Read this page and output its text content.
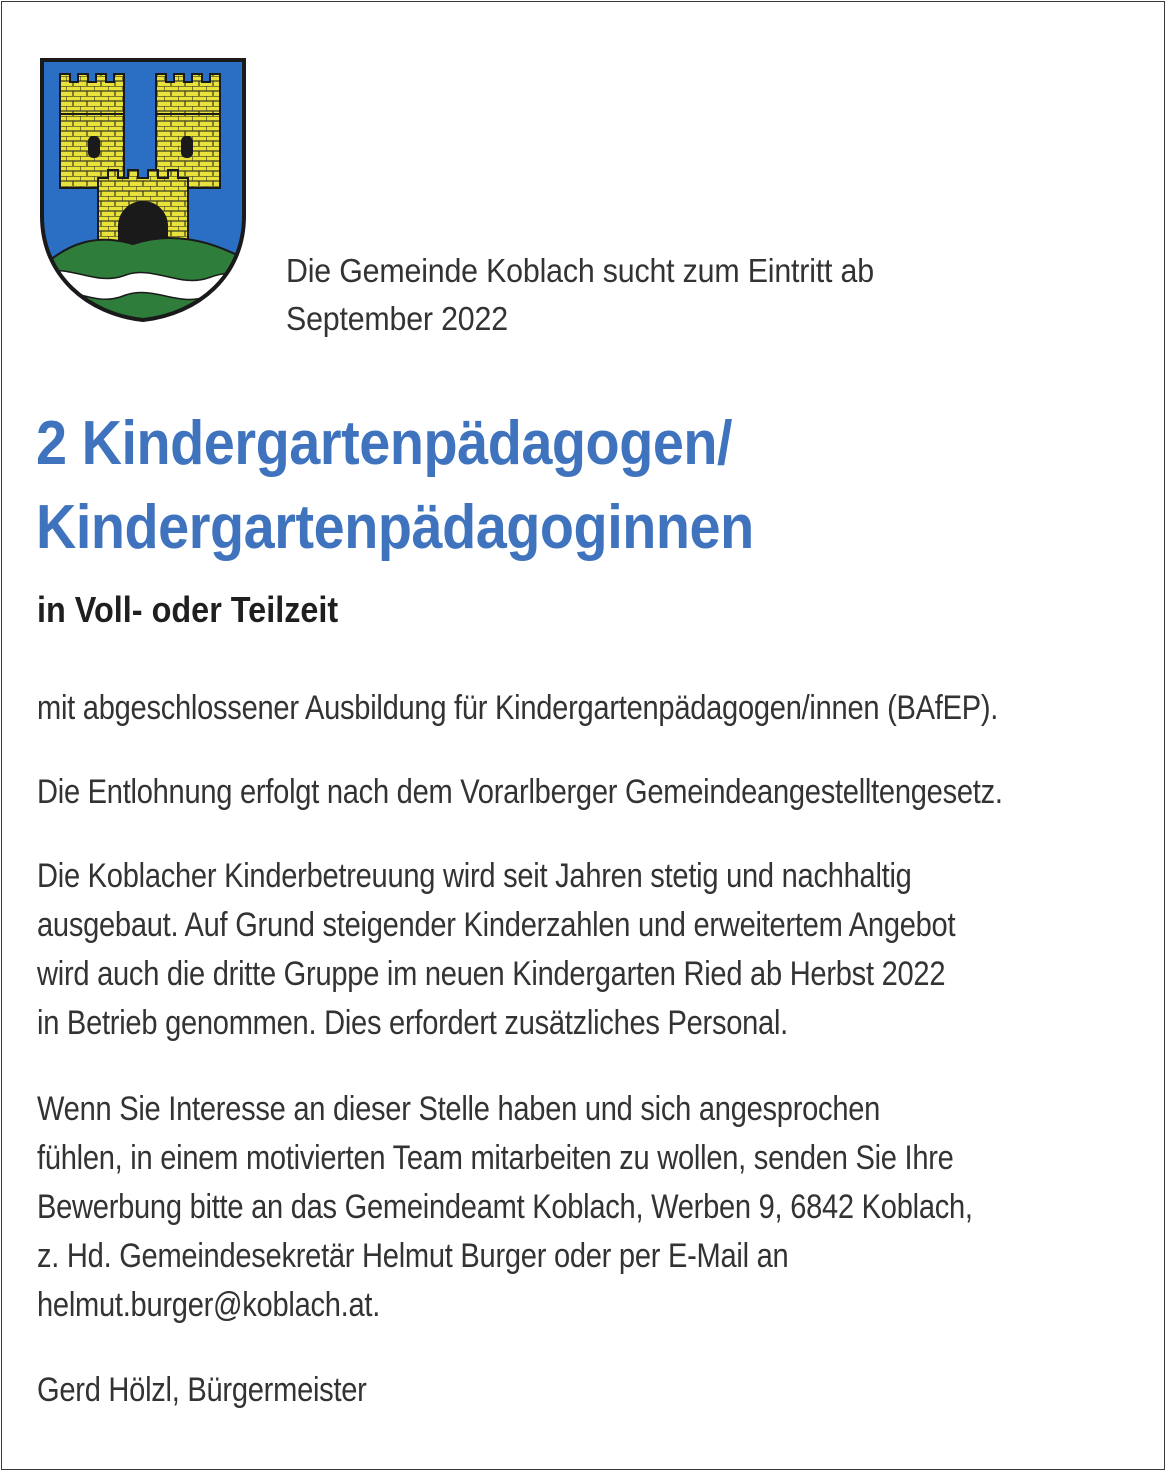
Die Gemeinde Koblach sucht zum Eintritt ab
September 2022
2 Kindergartenpädagogen/
Kindergartenpädagoginnen
in Voll- oder Teilzeit
mit abgeschlossener Ausbildung für Kindergartenpädagogen/innen (BAfEP).
Die Entlohnung erfolgt nach dem Vorarlberger Gemeindeangestelltengesetz.
Die Koblacher Kinderbetreuung wird seit Jahren stetig und nachhaltig
ausgebaut. Auf Grund steigender Kinderzahlen und erweitertem Angebot
wird auch die dritte Gruppe im neuen Kindergarten Ried ab Herbst 2022
in Betrieb genommen. Dies erfordert zusätzliches Personal.
Wenn Sie Interesse an dieser Stelle haben und sich angesprochen
fühlen, in einem motivierten Team mitarbeiten zu wollen, senden Sie Ihre
Bewerbung bitte an das Gemeindeamt Koblach, Werben 9, 6842 Koblach,
z. Hd. Gemeindesekretär Helmut Burger oder per E-Mail an
helmut.burger@koblach.at.
Gerd Hölzl, Bürgermeister
